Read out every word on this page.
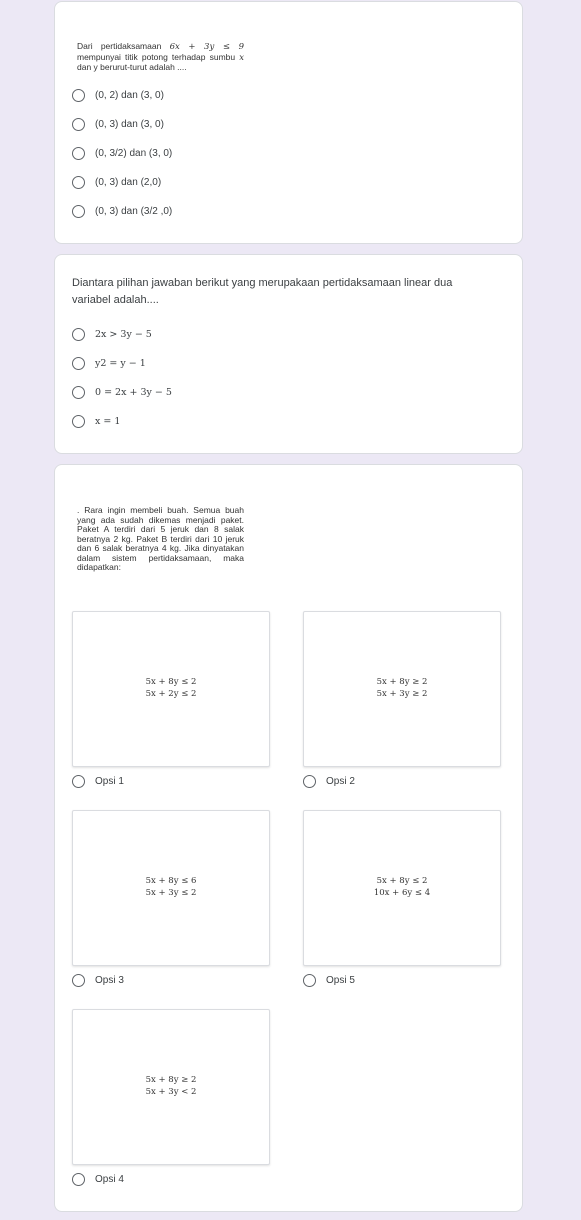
Dari pertidaksamaan 6x + 3y ≤ 9 mempunyai titik potong terhadap sumbu x dan y berurut-turut adalah ....
(0, 2) dan (3, 0)
(0, 3) dan (3, 0)
(0, 3/2) dan (3, 0)
(0, 3) dan (2,0)
(0, 3) dan (3/2 ,0)
Diantara pilihan jawaban berikut yang merupakaan pertidaksamaan linear dua variabel adalah....
2x > 3y − 5
y2 = y − 1
0 = 2x + 3y − 5
x = 1
. Rara ingin membeli buah. Semua buah yang ada sudah dikemas menjadi paket. Paket A terdiri dari 5 jeruk dan 8 salak beratnya 2 kg. Paket B terdiri dari 10 jeruk dan 6 salak beratnya 4 kg. Jika dinyatakan dalam sistem pertidaksamaan, maka didapatkan:
5x + 8y ≤ 2
5x + 2y ≤ 2
Opsi 1
5x + 8y ≥ 2
5x + 3y ≥ 2
Opsi 2
5x + 8y ≤ 6
5x + 3y ≤ 2
Opsi 3
5x + 8y ≤ 2
10x + 6y ≤ 4
Opsi 5
5x + 8y ≥ 2
5x + 3y < 2
Opsi 4
